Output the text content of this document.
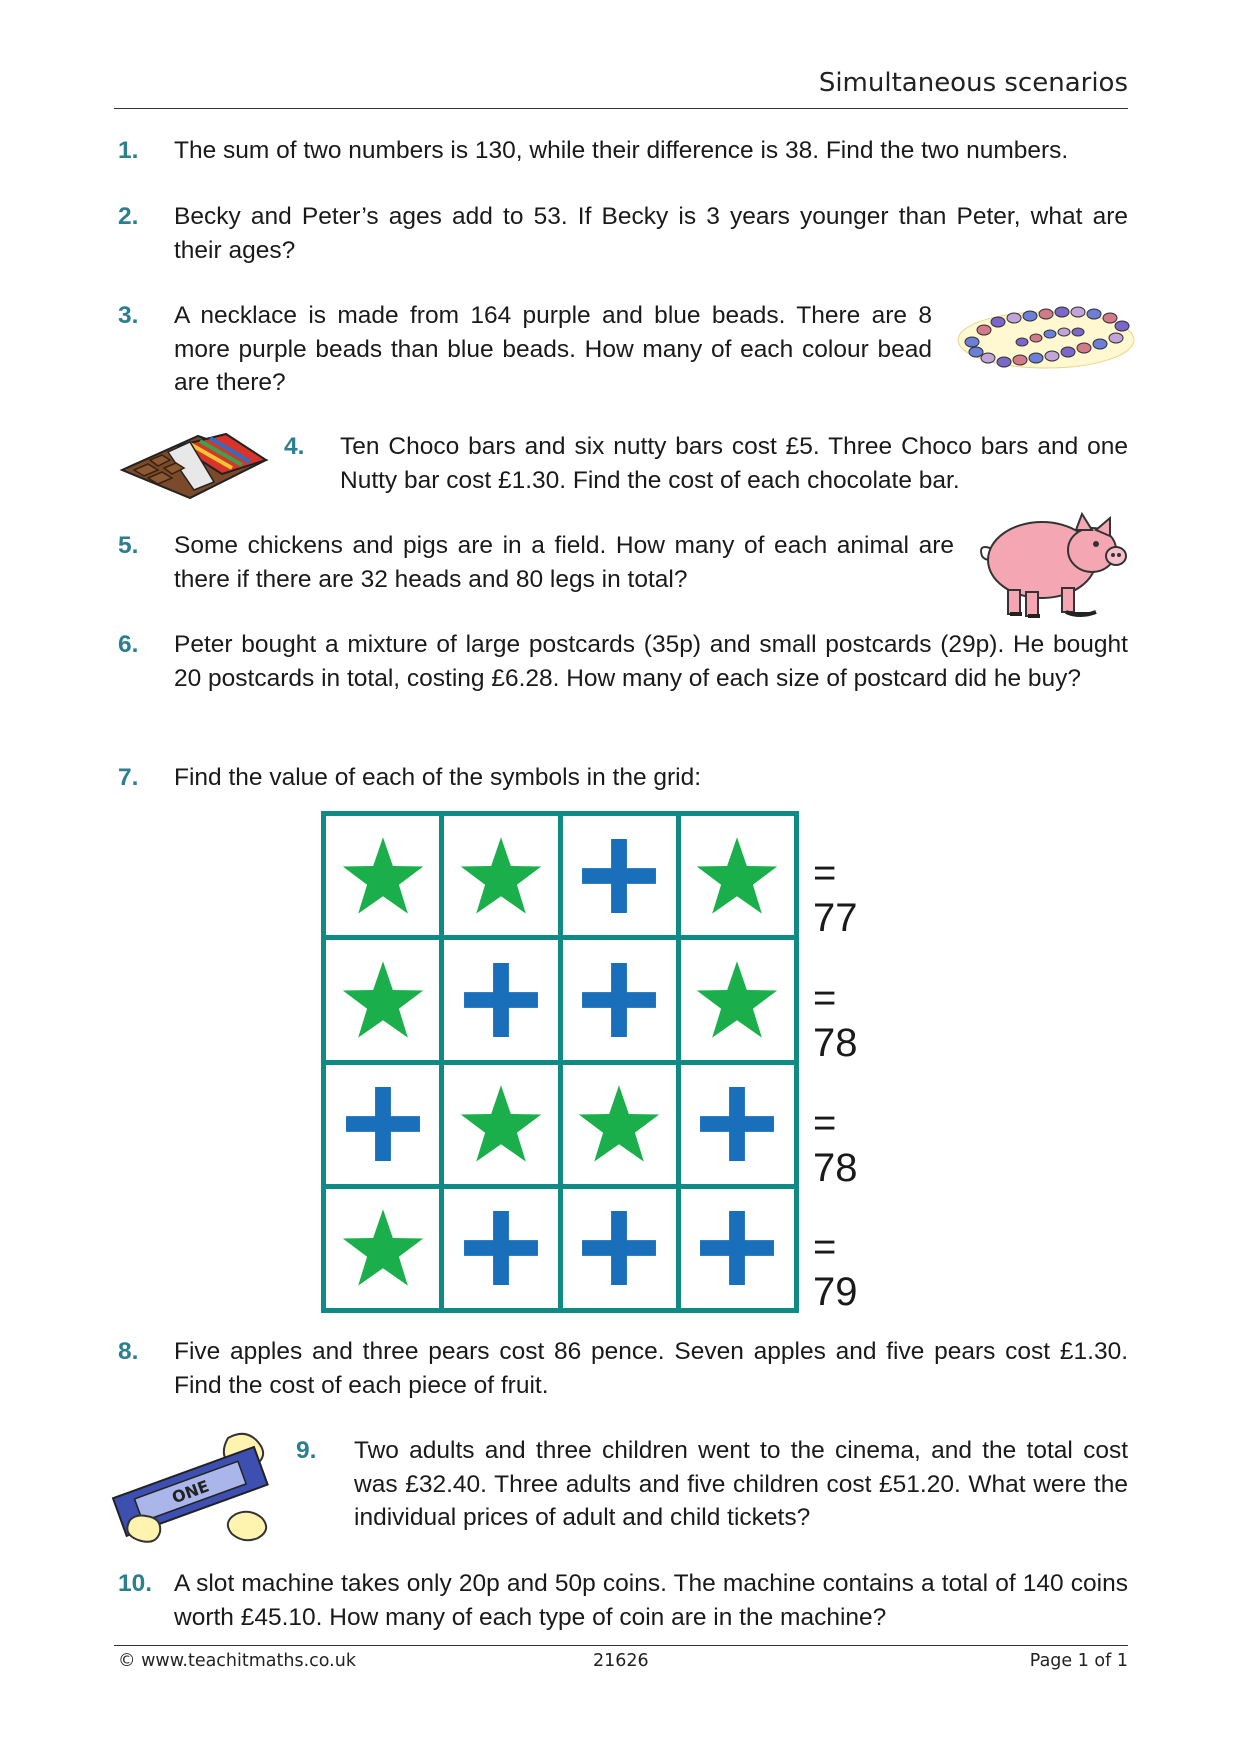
Simultaneous scenarios
1. The sum of two numbers is 130, while their difference is 38. Find the two numbers.
2. Becky and Peter’s ages add to 53. If Becky is 3 years younger than Peter, what are their ages?
3. A necklace is made from 164 purple and blue beads. There are 8 more purple beads than blue beads. How many of each colour bead are there?
4. Ten Choco bars and six nutty bars cost £5. Three Choco bars and one Nutty bar cost £1.30. Find the cost of each chocolate bar.
5. Some chickens and pigs are in a field. How many of each animal are there if there are 32 heads and 80 legs in total?
6. Peter bought a mixture of large postcards (35p) and small postcards (29p). He bought 20 postcards in total, costing £6.28. How many of each size of postcard did he buy?
7. Find the value of each of the symbols in the grid:
= 77
= 78
= 78
= 79
8. Five apples and three pears cost 86 pence. Seven apples and five pears cost £1.30. Find the cost of each piece of fruit.
ONE
9. Two adults and three children went to the cinema, and the total cost was £32.40. Three adults and five children cost £51.20. What were the individual prices of adult and child tickets?
10. A slot machine takes only 20p and 50p coins. The machine contains a total of 140 coins worth £45.10. How many of each type of coin are in the machine?
© www.teachitmaths.co.uk	21626	Page 1 of 1
